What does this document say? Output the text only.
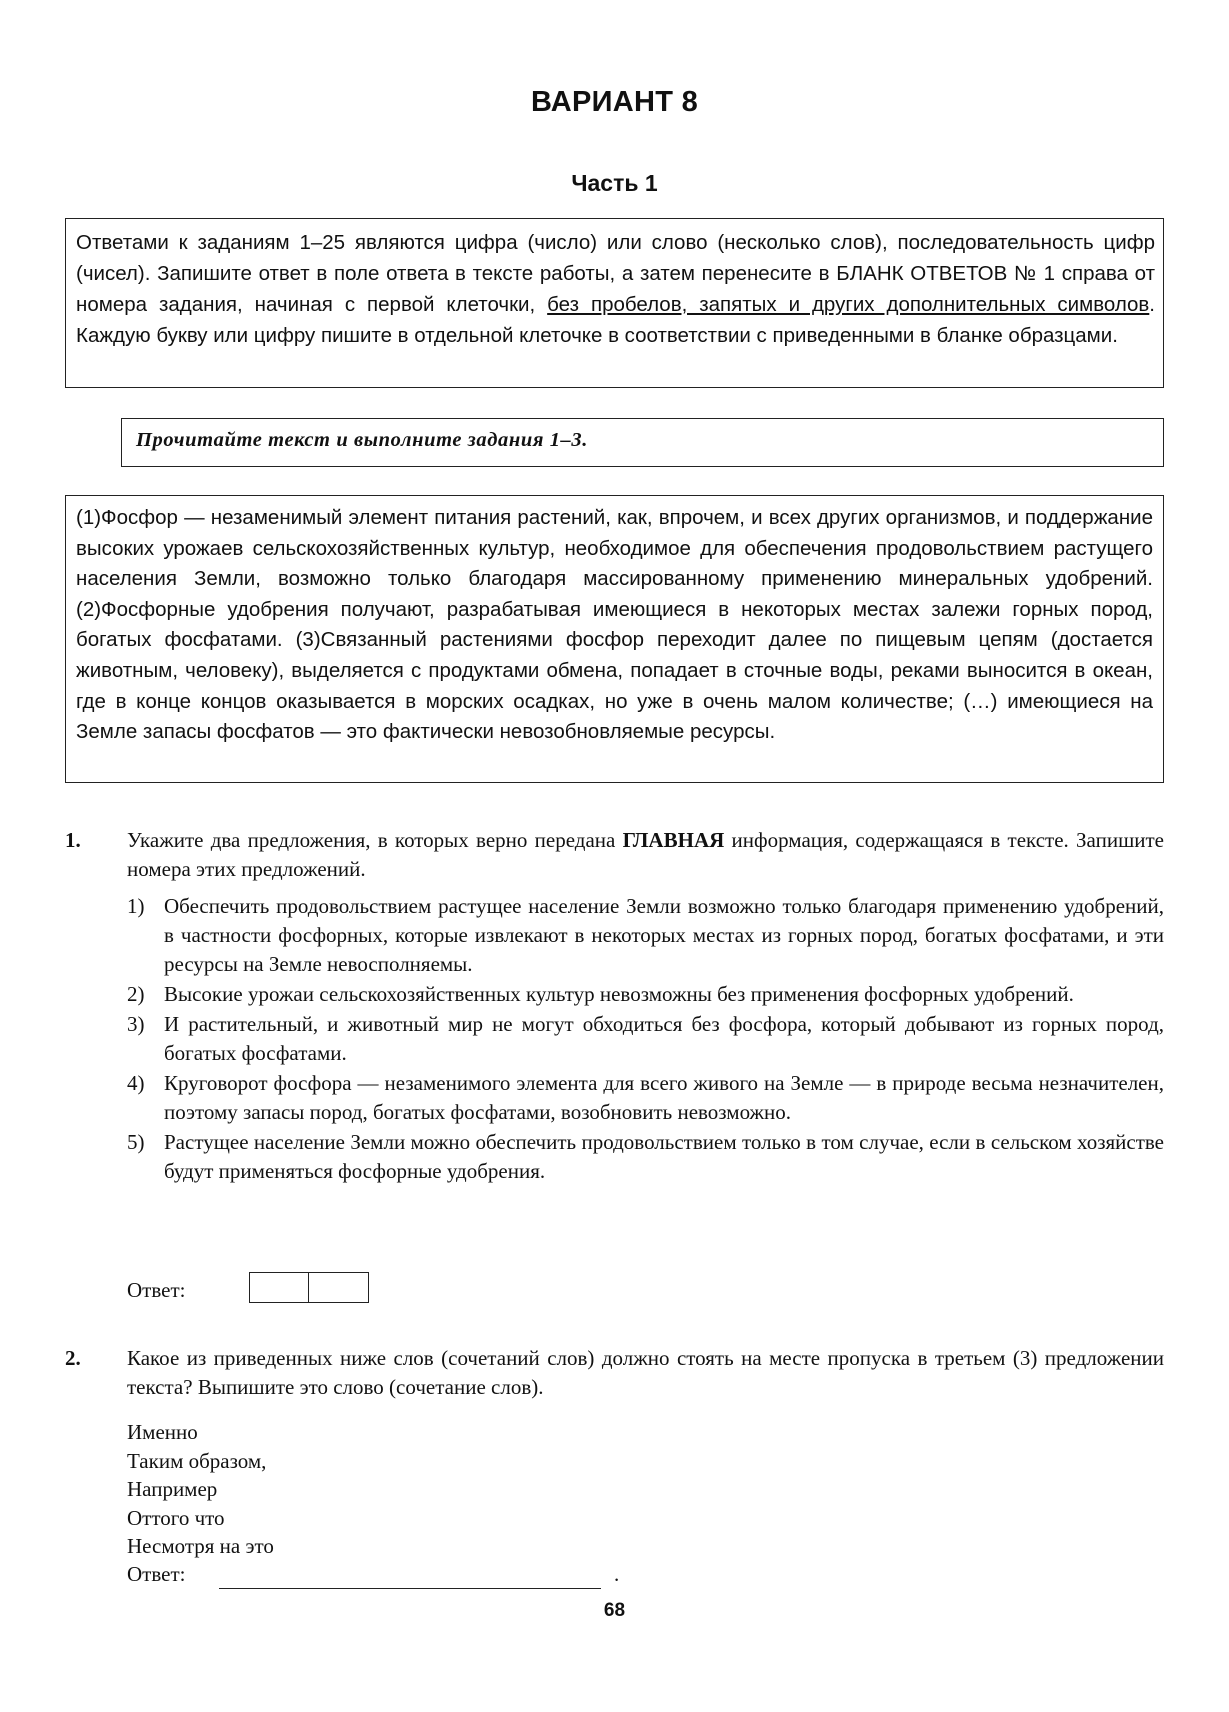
ВАРИАНТ 8
Часть 1
Ответами к заданиям 1–25 являются цифра (число) или слово (несколько слов), последовательность цифр (чисел). Запишите ответ в поле ответа в тексте работы, а затем перенесите в БЛАНК ОТВЕТОВ № 1 справа от номера задания, начиная с первой клеточки, без пробелов, запятых и других дополнительных символов. Каждую букву или цифру пишите в отдельной клеточке в соответствии с приведенными в бланке образцами.
Прочитайте текст и выполните задания 1–3.
(1)Фосфор — незаменимый элемент питания растений, как, впрочем, и всех других организмов, и поддержание высоких урожаев сельскохозяйственных культур, необходимое для обеспечения продовольствием растущего населения Земли, возможно только благодаря массированному применению минеральных удобрений. (2)Фосфорные удобрения получают, разрабатывая имеющиеся в некоторых местах залежи горных пород, богатых фосфатами. (3)Связанный растениями фосфор переходит далее по пищевым цепям (достается животным, человеку), выделяется с продуктами обмена, попадает в сточные воды, реками выносится в океан, где в конце концов оказывается в морских осадках, но уже в очень малом количестве; (…) имеющиеся на Земле запасы фосфатов — это фактически невозобновляемые ресурсы.
1. Укажите два предложения, в которых верно передана ГЛАВНАЯ информация, содержащаяся в тексте. Запишите номера этих предложений.
1) Обеспечить продовольствием растущее население Земли возможно только благодаря применению удобрений, в частности фосфорных, которые извлекают в некоторых местах из горных пород, богатых фосфатами, и эти ресурсы на Земле невосполняемы.
2) Высокие урожаи сельскохозяйственных культур невозможны без применения фосфорных удобрений.
3) И растительный, и животный мир не могут обходиться без фосфора, который добывают из горных пород, богатых фосфатами.
4) Круговорот фосфора — незаменимого элемента для всего живого на Земле — в природе весьма незначителен, поэтому запасы пород, богатых фосфатами, возобновить невозможно.
5) Растущее население Земли можно обеспечить продовольствием только в том случае, если в сельском хозяйстве будут применяться фосфорные удобрения.
Ответ:
2. Какое из приведенных ниже слов (сочетаний слов) должно стоять на месте пропуска в третьем (3) предложении текста? Выпишите это слово (сочетание слов).
Именно
Таким образом,
Например
Оттого что
Несмотря на это
Ответ:	.
68
